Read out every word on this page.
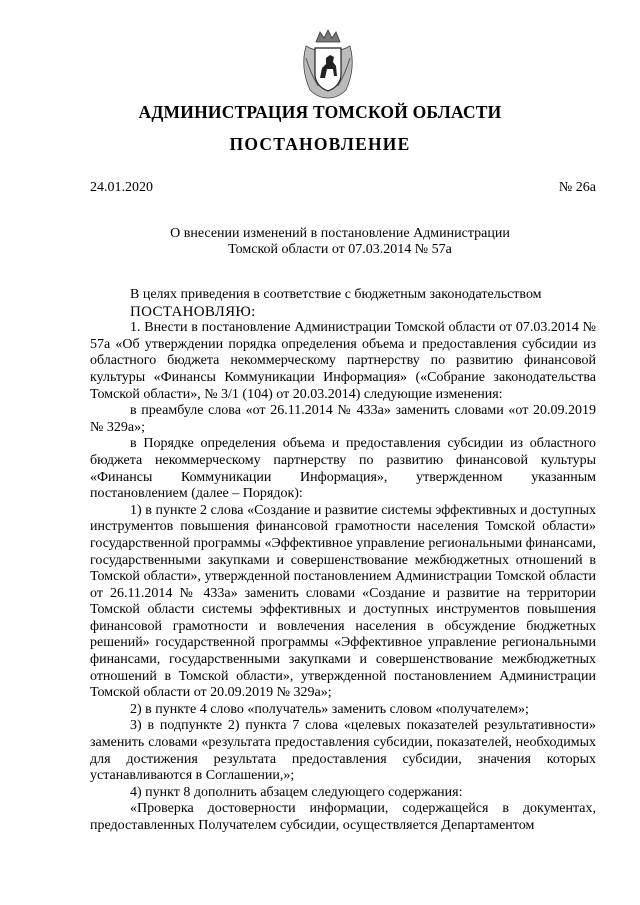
АДМИНИСТРАЦИЯ ТОМСКОЙ ОБЛАСТИ
ПОСТАНОВЛЕНИЕ
24.01.2020	№ 26а
О внесении изменений в постановление Администрации
Томской области от 07.03.2014 № 57а

В целях приведения в соответствие с бюджетным законодательством

ПОСТАНОВЛЯЮ:

1. Внести в постановление Администрации Томской области от 07.03.2014 № 57а «Об утверждении порядка определения объема и предоставления субсидии из областного бюджета некоммерческому партнерству по развитию финансовой культуры «Финансы Коммуникации Информация» («Собрание законодательства Томской области», № 3/1 (104) от 20.03.2014) следующие изменения:

в преамбуле слова «от 26.11.2014 № 433а» заменить словами «от 20.09.2019 № 329а»;

в Порядке определения объема и предоставления субсидии из областного бюджета некоммерческому партнерству по развитию финансовой культуры «Финансы Коммуникации Информация», утвержденном указанным постановлением (далее – Порядок):

1) в пункте 2 слова «Создание и развитие системы эффективных и доступных инструментов повышения финансовой грамотности населения Томской области» государственной программы «Эффективное управление региональными финансами, государственными закупками и совершенствование межбюджетных отношений в Томской области», утвержденной постановлением Администрации Томской области от 26.11.2014 № 433а» заменить словами «Создание и развитие на территории Томской области системы эффективных и доступных инструментов повышения финансовой грамотности и вовлечения населения в обсуждение бюджетных решений» государственной программы «Эффективное управление региональными финансами, государственными закупками и совершенствование межбюджетных отношений в Томской области», утвержденной постановлением Администрации Томской области от 20.09.2019 № 329а»;

2) в пункте 4 слово «получатель» заменить словом «получателем»;

3) в подпункте 2) пункта 7 слова «целевых показателей результативности» заменить словами «результата предоставления субсидии, показателей, необходимых для достижения результата предоставления субсидии, значения которых устанавливаются в Соглашении,»;

4) пункт 8 дополнить абзацем следующего содержания:

«Проверка достоверности информации, содержащейся в документах, предоставленных Получателем субсидии, осуществляется Департаментом
